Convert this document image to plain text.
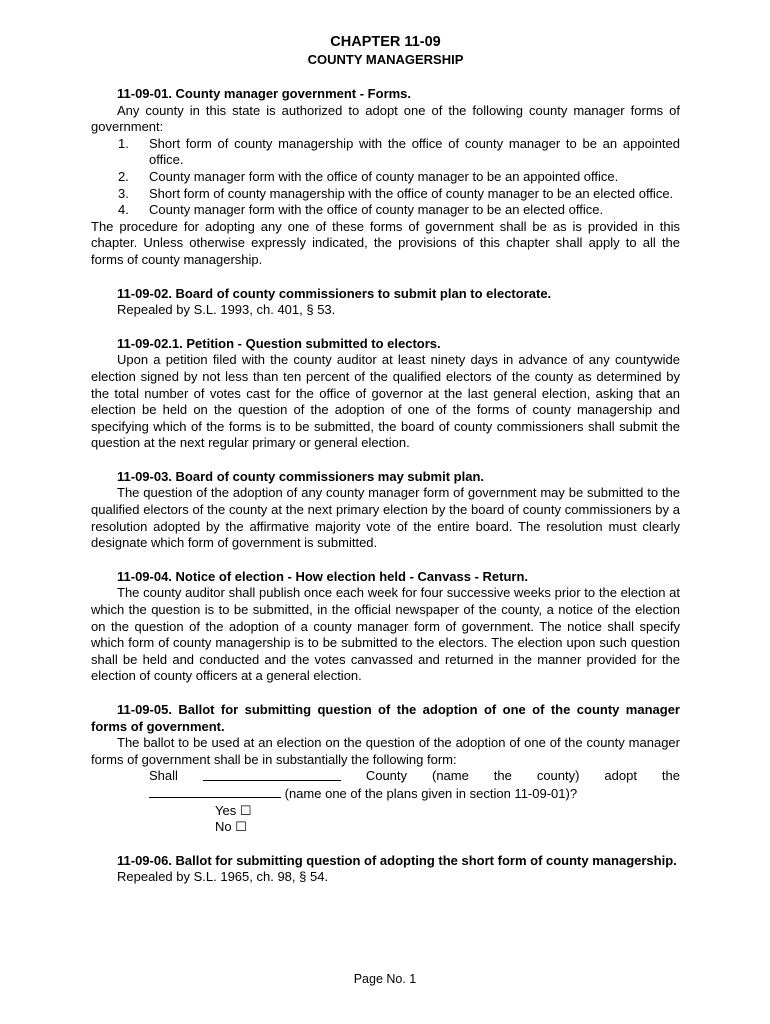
CHAPTER 11-09
COUNTY MANAGERSHIP
11-09-01. County manager government - Forms.
Any county in this state is authorized to adopt one of the following county manager forms of government:
1.	Short form of county managership with the office of county manager to be an appointed office.
2.	County manager form with the office of county manager to be an appointed office.
3.	Short form of county managership with the office of county manager to be an elected office.
4.	County manager form with the office of county manager to be an elected office.
The procedure for adopting any one of these forms of government shall be as is provided in this chapter. Unless otherwise expressly indicated, the provisions of this chapter shall apply to all the forms of county managership.
11-09-02. Board of county commissioners to submit plan to electorate.
Repealed by S.L. 1993, ch. 401, § 53.
11-09-02.1. Petition - Question submitted to electors.
Upon a petition filed with the county auditor at least ninety days in advance of any countywide election signed by not less than ten percent of the qualified electors of the county as determined by the total number of votes cast for the office of governor at the last general election, asking that an election be held on the question of the adoption of one of the forms of county managership and specifying which of the forms is to be submitted, the board of county commissioners shall submit the question at the next regular primary or general election.
11-09-03. Board of county commissioners may submit plan.
The question of the adoption of any county manager form of government may be submitted to the qualified electors of the county at the next primary election by the board of county commissioners by a resolution adopted by the affirmative majority vote of the entire board. The resolution must clearly designate which form of government is submitted.
11-09-04. Notice of election - How election held - Canvass - Return.
The county auditor shall publish once each week for four successive weeks prior to the election at which the question is to be submitted, in the official newspaper of the county, a notice of the election on the question of the adoption of a county manager form of government. The notice shall specify which form of county managership is to be submitted to the electors. The election upon such question shall be held and conducted and the votes canvassed and returned in the manner provided for the election of county officers at a general election.
11-09-05. Ballot for submitting question of the adoption of one of the county manager forms of government.
The ballot to be used at an election on the question of the adoption of one of the county manager forms of government shall be in substantially the following form:
Shall	County (name the county) adopt the
(name one of the plans given in section 11-09-01)?
Yes ☐
No ☐
11-09-06. Ballot for submitting question of adopting the short form of county managership.
Repealed by S.L. 1965, ch. 98, § 54.
Page No. 1
